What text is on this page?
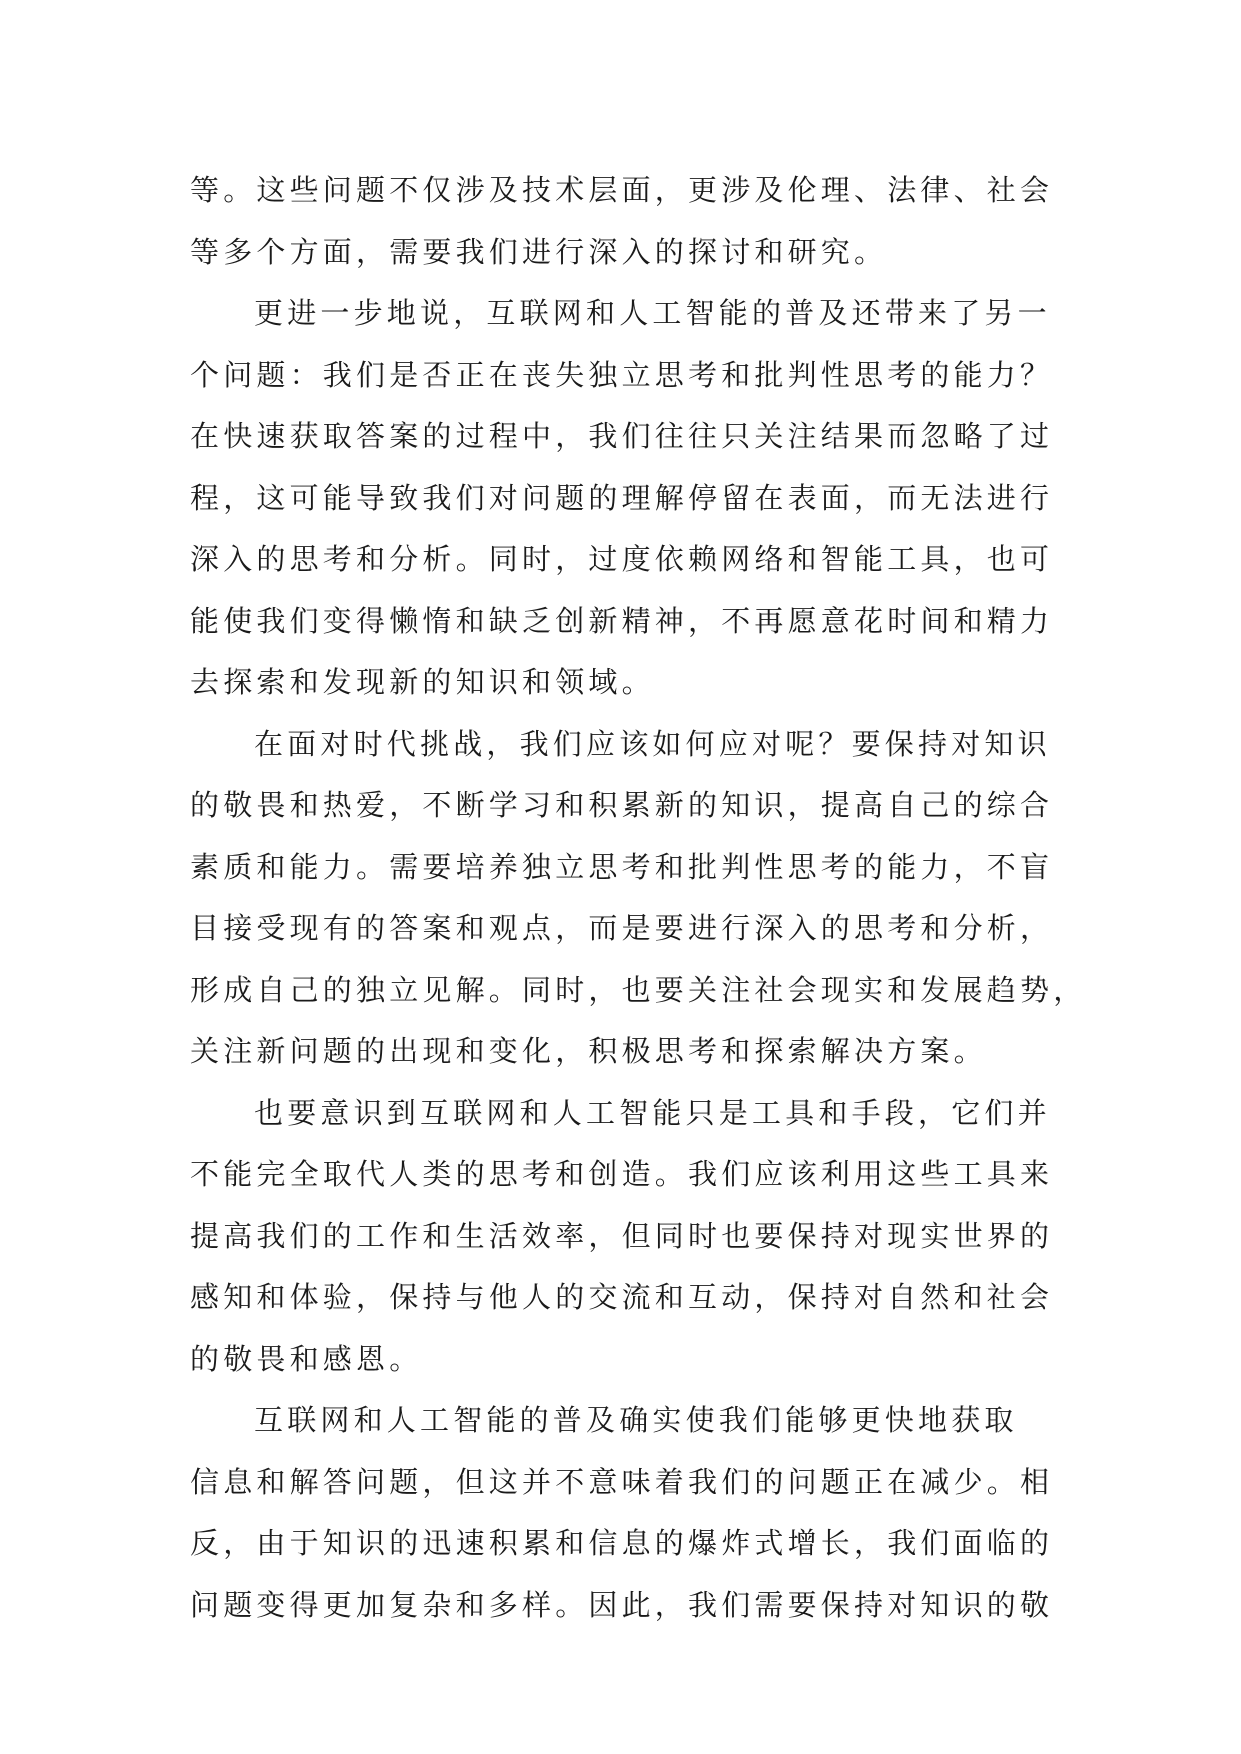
等。这些问题不仅涉及技术层面，更涉及伦理、法律、社会
等多个方面，需要我们进行深入的探讨和研究。
更进一步地说，互联网和人工智能的普及还带来了另一
个问题：我们是否正在丧失独立思考和批判性思考的能力？
在快速获取答案的过程中，我们往往只关注结果而忽略了过
程，这可能导致我们对问题的理解停留在表面，而无法进行
深入的思考和分析。同时，过度依赖网络和智能工具，也可
能使我们变得懒惰和缺乏创新精神，不再愿意花时间和精力
去探索和发现新的知识和领域。
在面对时代挑战，我们应该如何应对呢？要保持对知识
的敬畏和热爱，不断学习和积累新的知识，提高自己的综合
素质和能力。需要培养独立思考和批判性思考的能力，不盲
目接受现有的答案和观点，而是要进行深入的思考和分析，
形成自己的独立见解。同时，也要关注社会现实和发展趋势，
关注新问题的出现和变化，积极思考和探索解决方案。
也要意识到互联网和人工智能只是工具和手段，它们并
不能完全取代人类的思考和创造。我们应该利用这些工具来
提高我们的工作和生活效率，但同时也要保持对现实世界的
感知和体验，保持与他人的交流和互动，保持对自然和社会
的敬畏和感恩。
互联网和人工智能的普及确实使我们能够更快地获取
信息和解答问题，但这并不意味着我们的问题正在减少。相
反，由于知识的迅速积累和信息的爆炸式增长，我们面临的
问题变得更加复杂和多样。因此，我们需要保持对知识的敬
